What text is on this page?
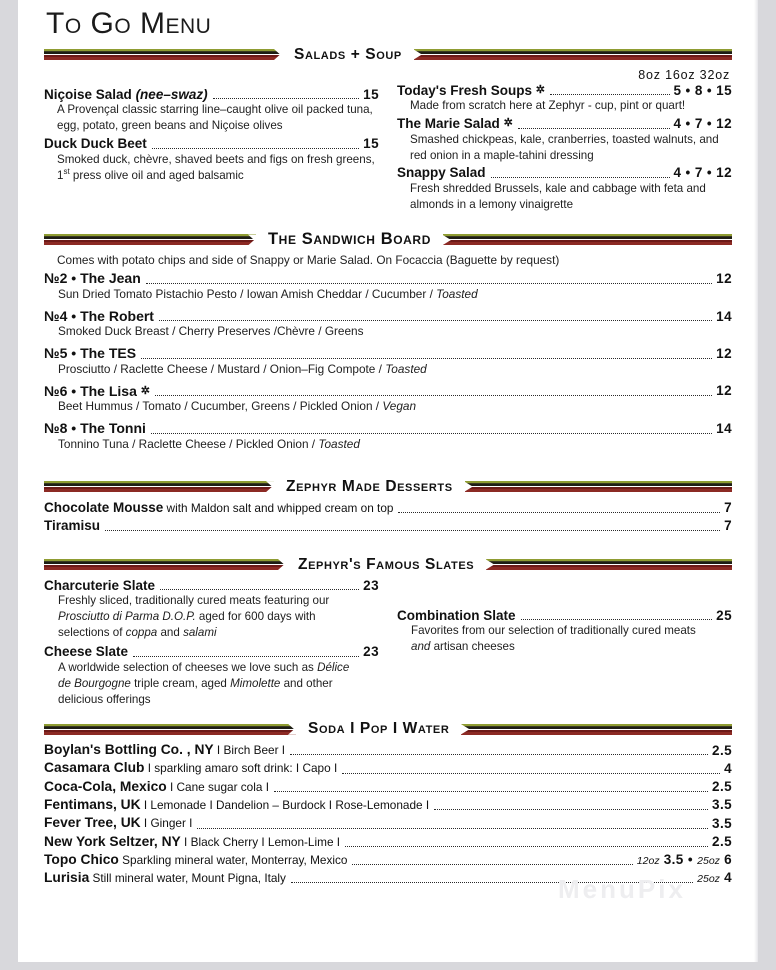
To Go Menu
Salads + Soup
Niçoise Salad (nee–swaz)	15
A Provençal classic starring line–caught olive oil packed tuna, egg, potato, green beans and Niçoise olives
Duck Duck Beet	15
Smoked duck, chèvre, shaved beets and figs on fresh greens, 1st press olive oil and aged balsamic
8oz 16oz 32oz
Today's Fresh Soups ✲	5 • 8 • 15
Made from scratch here at Zephyr - cup, pint or quart!
The Marie Salad ✲	4 • 7 • 12
Smashed chickpeas, kale, cranberries, toasted walnuts, and red onion in a maple-tahini dressing
Snappy Salad	4 • 7 • 12
Fresh shredded Brussels, kale and cabbage with feta and almonds in a lemony vinaigrette
The Sandwich Board
Comes with potato chips and side of Snappy or Marie Salad. On Focaccia (Baguette by request)
№2 • The Jean	12
Sun Dried Tomato Pistachio Pesto / Iowan Amish Cheddar / Cucumber / Toasted
№4 • The Robert	14
Smoked Duck Breast / Cherry Preserves /Chèvre / Greens
№5 • The TES	12
Prosciutto / Raclette Cheese / Mustard / Onion–Fig Compote / Toasted
№6 • The Lisa ✲	12
Beet Hummus / Tomato / Cucumber, Greens / Pickled Onion / Vegan
№8 • The Tonni	14
Tonnino Tuna / Raclette Cheese / Pickled Onion / Toasted
Zephyr Made Desserts
Chocolate Mousse with Maldon salt and whipped cream on top	7
Tiramisu	7
Zephyr's Famous Slates
Charcuterie Slate	23
Freshly sliced, traditionally cured meats featuring our
Prosciutto di Parma D.O.P. aged for 600 days with
selections of coppa and salami
Cheese Slate	23
A worldwide selection of cheeses we love such as Délice
de Bourgogne triple cream, aged Mimolette and other
delicious offerings
Combination Slate	25
Favorites from our selection of traditionally cured meats
and artisan cheeses
Soda I Pop I Water
Boylan's Bottling Co. , NY I Birch Beer I	2.5
Casamara Club I sparkling amaro soft drink: I Capo I	4
Coca-Cola, Mexico I Cane sugar cola I	2.5
Fentimans, UK I Lemonade I Dandelion – Burdock I Rose-Lemonade I	3.5
Fever Tree, UK I Ginger I	3.5
New York Seltzer, NY I Black Cherry I Lemon-Lime I	2.5
Topo Chico Sparkling mineral water, Monterray, Mexico	12oz 3.5 • 25oz 6
Lurisia Still mineral water, Mount Pigna, Italy	25oz 4
MenuPix
